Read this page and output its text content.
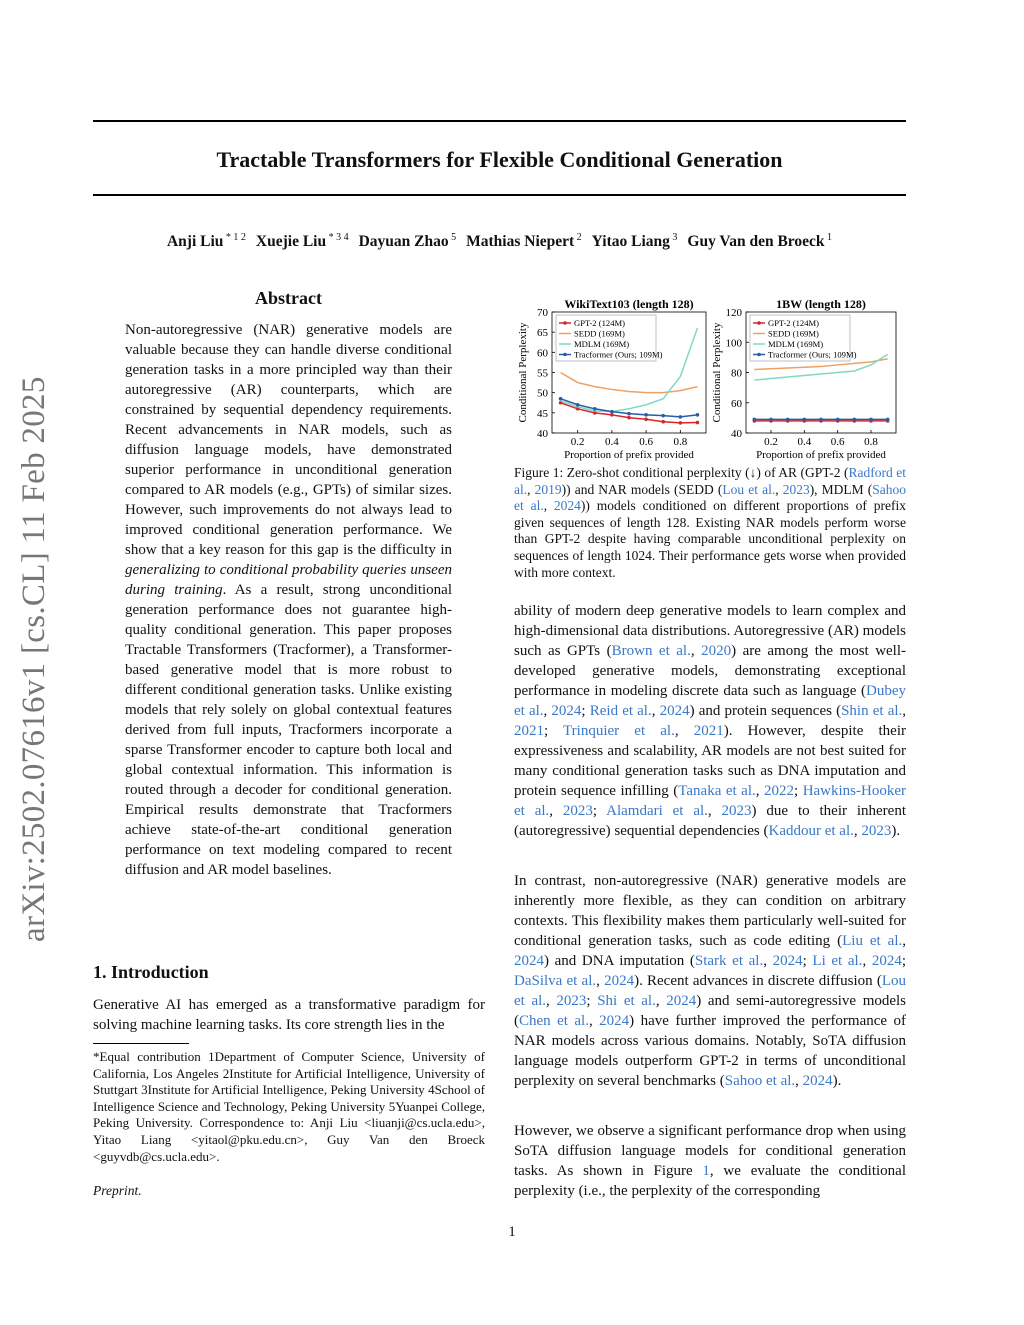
Tractable Transformers for Flexible Conditional Generation
Anji Liu $^{* 1 2}$ Xuejie Liu $^{* 3 4}$ Dayuan Zhao $^5$ Mathias Niepert $^2$ Yitao Liang $^3$ Guy Van den Broeck $^1$
arXiv:2502.07616v1 [cs.CL] 11 Feb 2025
Abstract
Non-autoregressive (NAR) generative models are valuable because they can handle diverse conditional generation tasks in a more principled way than their autoregressive (AR) counterparts, which are constrained by sequential dependency requirements. Recent advancements in NAR models, such as diffusion language models, have demonstrated superior performance in unconditional generation compared to AR models (e.g., GPTs) of similar sizes. However, such improvements do not always lead to improved conditional generation performance. We show that a key reason for this gap is the difficulty in generalizing to conditional probability queries unseen during training. As a result, strong unconditional generation performance does not guarantee high-quality conditional generation. This paper proposes Tractable Transformers (Tracformer), a Transformer-based generative model that is more robust to different conditional generation tasks. Unlike existing models that rely solely on global contextual features derived from full inputs, Tracformers incorporate a sparse Transformer encoder to capture both local and global contextual information. This information is routed through a decoder for conditional generation. Empirical results demonstrate that Tracformers achieve state-of-the-art conditional generation performance on text modeling compared to recent diffusion and AR model baselines.
1. Introduction
Generative AI has emerged as a transformative paradigm for solving machine learning tasks. Its core strength lies in the
*Equal contribution 1Department of Computer Science, University of California, Los Angeles 2Institute for Artificial Intelligence, University of Stuttgart 3Institute for Artificial Intelligence, Peking University 4School of Intelligence Science and Technology, Peking University 5Yuanpei College, Peking University. Correspondence to: Anji Liu <liuanji@cs.ucla.edu>, Yitao Liang <yitaol@pku.edu.cn>, Guy Van den Broeck <guyvdb@cs.ucla.edu>.
Preprint.
1
WikiText103 (length 128)
Proportion of prefix provided
Conditional Perplexity
0.2 0.4 0.6 0.8
40
45
50
55
60
65
70
GPT-2 (124M)
SEDD (169M)
MDLM (169M)
Tracformer (Ours; 109M)
1BW (length 128)
Proportion of prefix provided
Conditional Perplexity
0.2 0.4 0.6 0.8
40
60
80
100
120
GPT-2 (124M)
SEDD (169M)
MDLM (169M)
Tracformer (Ours; 109M)
Figure 1: Zero-shot conditional perplexity (↓) of AR (GPT-2 (Radford et al., 2019)) and NAR models (SEDD (Lou et al., 2023), MDLM (Sahoo et al., 2024)) models conditioned on different proportions of prefix given sequences of length 128. Existing NAR models perform worse than GPT-2 despite having comparable unconditional perplexity on sequences of length 1024. Their performance gets worse when provided with more context.
ability of modern deep generative models to learn complex and high-dimensional data distributions. Autoregressive (AR) models such as GPTs (Brown et al., 2020) are among the most well-developed generative models, demonstrating exceptional performance in modeling discrete data such as language (Dubey et al., 2024; Reid et al., 2024) and protein sequences (Shin et al., 2021; Trinquier et al., 2021). However, despite their expressiveness and scalability, AR models are not best suited for many conditional generation tasks such as DNA imputation and protein sequence infilling (Tanaka et al., 2022; Hawkins-Hooker et al., 2023; Alamdari et al., 2023) due to their inherent (autoregressive) sequential dependencies (Kaddour et al., 2023).
In contrast, non-autoregressive (NAR) generative models are inherently more flexible, as they can condition on arbitrary contexts. This flexibility makes them particularly well-suited for conditional generation tasks, such as code editing (Liu et al., 2024) and DNA imputation (Stark et al., 2024; Li et al., 2024; DaSilva et al., 2024). Recent advances in discrete diffusion (Lou et al., 2023; Shi et al., 2024) and semi-autoregressive models (Chen et al., 2024) have further improved the performance of NAR models across various domains. Notably, SoTA diffusion language models outperform GPT-2 in terms of unconditional perplexity on several benchmarks (Sahoo et al., 2024).
However, we observe a significant performance drop when using SoTA diffusion language models for conditional generation tasks. As shown in Figure 1, we evaluate the conditional perplexity (i.e., the perplexity of the corresponding
